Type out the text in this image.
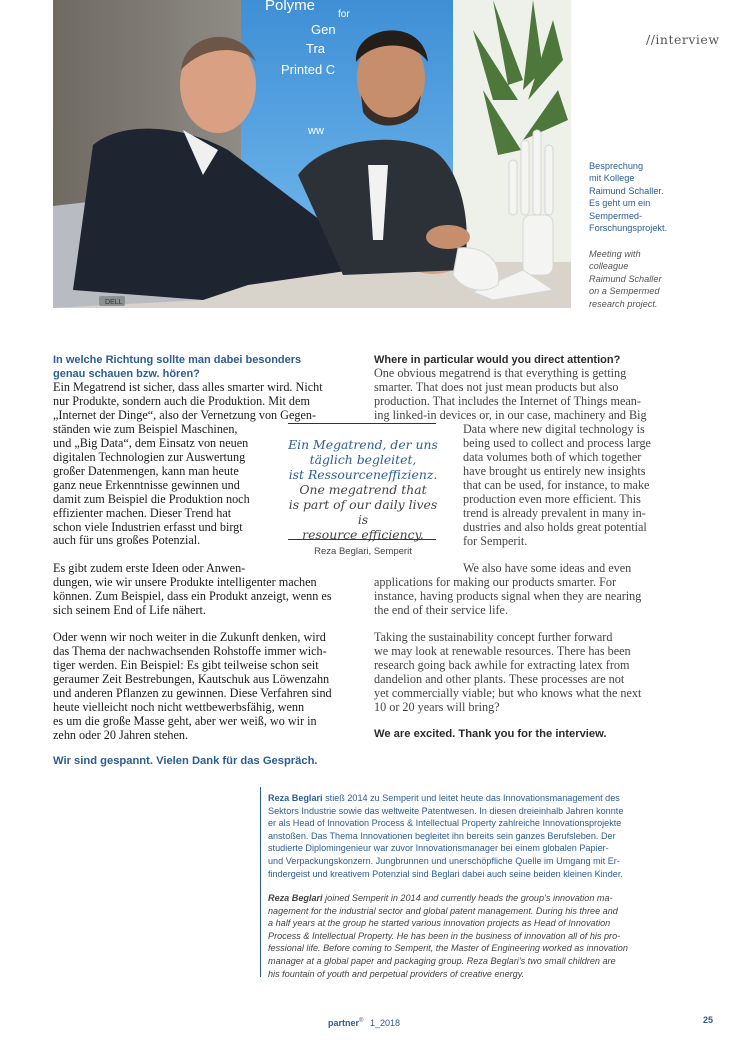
//interview
Polyme
for
Gen
Tra
Printed C
ww
DELL
Besprechung
mit Kollege
Raimund Schaller.
Es geht um ein
Sempermed-
Forschungsprojekt.
Meeting with
colleague
Raimund Schaller
on a Sempermed
research project.
In welche Richtung sollte man dabei besonders
genau schauen bzw. hören?
Ein Megatrend ist sicher, dass alles smarter wird. Nicht
nur Produkte, sondern auch die Produktion. Mit dem
„Internet der Dinge“, also der Vernetzung von Gegen-
ständen wie zum Beispiel Maschinen,
und „Big Data“, dem Einsatz von neuen
digitalen Technologien zur Auswertung
großer Datenmengen, kann man heute
ganz neue Erkenntnisse gewinnen und
damit zum Beispiel die Produktion noch
effizienter machen. Dieser Trend hat
schon viele Industrien erfasst und birgt
auch für uns großes Potenzial.
Es gibt zudem erste Ideen oder Anwen-
dungen, wie wir unsere Produkte intelligenter machen
können. Zum Beispiel, dass ein Produkt anzeigt, wenn es
sich seinem End of Life nähert.
Oder wenn wir noch weiter in die Zukunft denken, wird
das Thema der nachwachsenden Rohstoffe immer wich-
tiger werden. Ein Beispiel: Es gibt teilweise schon seit
geraumer Zeit Bestrebungen, Kautschuk aus Löwenzahn
und anderen Pflanzen zu gewinnen. Diese Verfahren sind
heute vielleicht noch nicht wettbewerbsfähig, wenn
es um die große Masse geht, aber wer weiß, wo wir in
zehn oder 20 Jahren stehen.
Wir sind gespannt. Vielen Dank für das Gespräch.
Ein Megatrend, der uns
täglich begleitet,
ist Ressourceneffizienz.
One megatrend that
is part of our daily lives is
resource efficiency.
Reza Beglari, Semperit
Where in particular would you direct attention?
One obvious megatrend is that everything is getting
smarter. That does not just mean products but also
production. That includes the Internet of Things mean-
ing linked-in devices or, in our case, machinery and Big
Data where new digital technology is
being used to collect and process large
data volumes both of which together
have brought us entirely new insights
that can be used, for instance, to make
production even more efficient. This
trend is already prevalent in many in-
dustries and also holds great potential
for Semperit.
We also have some ideas and even
applications for making our products smarter. For
instance, having products signal when they are nearing
the end of their service life.
Taking the sustainability concept further forward
we may look at renewable resources. There has been
research going back awhile for extracting latex from
dandelion and other plants. These processes are not
yet commercially viable; but who knows what the next
10 or 20 years will bring?
We are excited. Thank you for the interview.
Reza Beglari stieß 2014 zu Semperit und leitet heute das Innovationsmanagement des
Sektors Industrie sowie das weltweite Patentwesen. In diesen dreieinhalb Jahren konnte
er als Head of Innovation Process & Intellectual Property zahlreiche Innovationsprojekte
anstoßen. Das Thema Innovationen begleitet ihn bereits sein ganzes Berufsleben. Der
studierte Diplomingenieur war zuvor Innovationsmanager bei einem globalen Papier-
und Verpackungskonzern. Jungbrunnen und unerschöpfliche Quelle im Umgang mit Er-
findergeist und kreativem Potenzial sind Beglari dabei auch seine beiden kleinen Kinder.
Reza Beglari joined Semperit in 2014 and currently heads the group’s innovation ma-
nagement for the industrial sector and global patent management. During his three and
a half years at the group he started various innovation projects as Head of Innovation
Process & Intellectual Property. He has been in the business of innovation all of his pro-
fessional life. Before coming to Semperit, the Master of Engineering worked as innovation
manager at a global paper and packaging group. Reza Beglari’s two small children are
his fountain of youth and perpetual providers of creative energy.
partner® 1_2018	25
